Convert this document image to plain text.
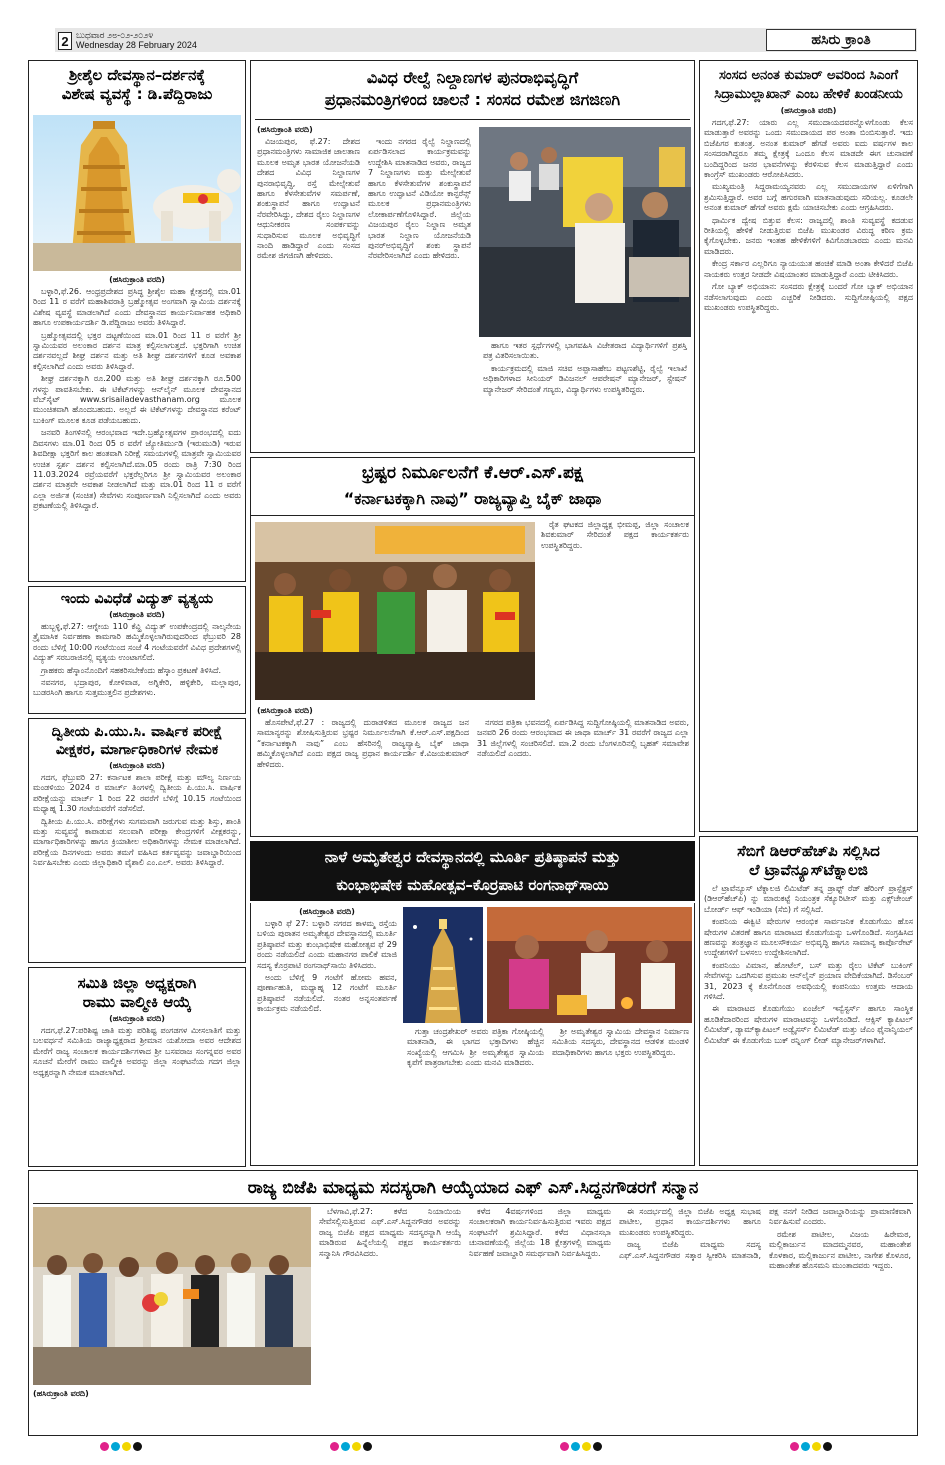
2 ಬುಧವಾರ ೨೮-೦೨-೨೦೨೪
Wednesday 28 February 2024	ಹಸಿರು ಕ್ರಾಂತಿ
ಶ್ರೀಶೈಲ ದೇವಸ್ಥಾನ–ದರ್ಶನಕ್ಕೆ
ವಿಶೇಷ ವ್ಯವಸ್ಥೆ : ಡಿ.ಪೆದ್ದಿರಾಜು
(ಹಸಿರುಕ್ರಾಂತಿ ವರದಿ)

ಬಳ್ಳಾರಿ,ಫೆ.26. ಆಂಧ್ರಪ್ರದೇಶದ ಪ್ರಸಿದ್ಧ ಶ್ರೀಶೈಲ ಮಹಾ ಕ್ಷೇತ್ರದಲ್ಲಿ ಮಾ.01 ರಿಂದ 11 ರ ವರೆಗೆ ಮಹಾಶಿವರಾತ್ರಿ ಬ್ರಹ್ಮೋತ್ಸವ ಅಂಗವಾಗಿ ಸ್ವಾಮಿಯ ದರ್ಶನಕ್ಕೆ ವಿಶೇಷ ವ್ಯವಸ್ಥೆ ಮಾಡಲಾಗಿದೆ ಎಂದು ದೇವಸ್ಥಾನದ ಕಾರ್ಯನಿರ್ವಾಹಕ ಅಧಿಕಾರಿ ಹಾಗೂ ಉಪಕಾರ್ಯದರ್ಶಿ ಡಿ.ಪೆದ್ದಿರಾಜು ಅವರು ತಿಳಿಸಿದ್ದಾರೆ.

ಬ್ರಹ್ಮೋತ್ಸವದಲ್ಲಿ ಭಕ್ತರ ದಟ್ಟಣೆಯಿಂದ ಮಾ.01 ರಿಂದ 11 ರ ವರೆಗೆ ಶ್ರೀ ಸ್ವಾಮಿಯವರ ಅಲಂಕಾರ ದರ್ಶನ ಮಾತ್ರ ಕಲ್ಪಿಸಲಾಗುತ್ತದೆ. ಭಕ್ತರಿಗಾಗಿ ಉಚಿತ ದರ್ಶನವಲ್ಲದೆ ಶೀಘ್ರ ದರ್ಶನ ಮತ್ತು ಅತಿ ಶೀಘ್ರ ದರ್ಶನಗಳಿಗೆ ಕೂಡ ಅವಕಾಶ ಕಲ್ಪಿಸಲಾಗಿದೆ ಎಂದು ಅವರು ತಿಳಿಸಿದ್ದಾರೆ.

ಶೀಘ್ರ ದರ್ಶನಕ್ಕಾಗಿ ರೂ.200 ಮತ್ತು ಅತಿ ಶೀಘ್ರ ದರ್ಶನಕ್ಕಾಗಿ ರೂ.500 ಗಳನ್ನು ಪಾವತಿಸಬೇಕು. ಈ ಟಿಕೆಟ್‌ಗಳನ್ನು ಆನ್‌ಲೈನ್ ಮೂಲಕ ದೇವಸ್ಥಾನದ ವೆಬ್‌ಸೈಟ್ www.srisailadevasthanam.org ಮೂಲಕ ಮುಂಚಿತವಾಗಿ ಹೊಂದಬಹುದು. ಅಲ್ಲದೆ ಈ ಟಿಕೆಟ್‌ಗಳನ್ನು ದೇವಸ್ಥಾನದ ಕರೆಂಟ್ ಬುಕಿಂಗ್ ಮೂಲಕ ಕೂಡ ಪಡೆಯಬಹುದು.

ಜನವರಿ ತಿಂಗಳಿನಲ್ಲಿ ಆರಂಭವಾದ ಇದೇ.ಬ್ರಹ್ಮೋತ್ಸವಗಳ ಪ್ರಾರಂಭದಲ್ಲಿ ಐದು ದಿವಸಗಳು ಮಾ.01 ರಿಂದ 05 ರ ವರೆಗೆ ಜ್ಯೋತಿರ್ಮುಡಿ (ಇರುಮುಡಿ) ಇರುವ ಶಿವದೀಕ್ಷಾ ಭಕ್ತರಿಗೆ ಕಾಲ ಹಂತವಾಗಿ ನಿರೀಕ್ಷೆ ಸಮಯಗಳಲ್ಲಿ ಮಾತ್ರವೇ ಸ್ವಾಮಿಯವರ ಉಚಿತ ಸ್ಪರ್ಶ ದರ್ಶನ ಕಲ್ಪಿಸಲಾಗಿದೆ.ಮಾ.05 ರಂದು ರಾತ್ರಿ 7:30 ರಿಂದ 11.03.2024 ರವ್ರೆಯವರೆಗೆ ಭಕ್ತರೆಲ್ಲರಿಗೂ ಶ್ರೀ ಸ್ವಾಮಿಯವರ ಅಲಂಕಾರ ದರ್ಶನ ಮಾತ್ರವೇ ಅವಕಾಶ ನೀಡಲಾಗಿದೆ ಮತ್ತು ಮಾ.01 ರಿಂದ 11 ರ ವರೆಗೆ ಎಲ್ಲಾ ಅರ್ಜಿತ (ಸಂಚಿತ) ಸೇವೆಗಳು ಸಂಪೂರ್ಣವಾಗಿ ನಿಲ್ಲಿಸಲಾಗಿದೆ ಎಂದು ಅವರು ಪ್ರಕಟಣೆಯಲ್ಲಿ ತಿಳಿಸಿದ್ದಾರೆ.

ಇಂದು ವಿವಿಧೆಡೆ ವಿದ್ಯುತ್ ವ್ಯತ್ಯಯ
(ಹಸಿರುಕ್ರಾಂತಿ ವರದಿ)

ಹುಬ್ಬಳ್ಳಿ,ಫೆ.27: ಆಗ್ನೇಯ 110 ಕೆವ್ಹಿ ವಿದ್ಯುತ್ ಉಪಕೇಂದ್ರದಲ್ಲಿ ನಾಲ್ಕನೇಯ ತ್ರೈಮಾಸಿಕ ನಿರ್ವಹಣಾ ಕಾಮಗಾರಿ ಹಮ್ಮಿಕೊಳ್ಳಲಾಗಿರುವುದರಿಂದ ಫೆಬ್ರುವರಿ 28 ರಂದು ಬೆಳಿಗ್ಗೆ 10:00 ಗಂಟೆಯಿಂದ ಸಂಜೆ 4 ಗಂಟೆಯವರೆಗೆ ವಿವಿಧ ಪ್ರದೇಶಗಳಲ್ಲಿ ವಿದ್ಯುತ್ ಸರಬರಾಜಿನಲ್ಲಿ ವ್ಯತ್ಯಯ ಉಂಟಾಗಲಿದೆ.

ಗ್ರಾಹಕರು ಹೆಸ್ಕಾಂನೊಂದಿಗೆ ಸಹಕರಿಸಬೇಕೆಂದು ಹೆಸ್ಕಾಂ ಪ್ರಕಟಣೆ ತಿಳಿಸಿದೆ.

ನವನಗರ, ಭದ್ರಾಪುರ, ಕೋಳಿವಾಡ, ಅಗ್ನಿಕೇರಿ, ಹಳ್ಳಿಕೇರಿ, ಮಲ್ಲಾಪುರ, ಬುಡರಸಿಂಗಿ ಹಾಗೂ ಸುತ್ತಮುತ್ತಲಿನ ಪ್ರದೇಶಗಳು.

ದ್ವಿತೀಯ ಪಿ.ಯು.ಸಿ. ವಾರ್ಷಿಕ ಪರೀಕ್ಷೆ
ವೀಕ್ಷಕರ, ಮಾರ್ಗಾಧಿಕಾರಿಗಳ ನೇಮಕ
(ಹಸಿರುಕ್ರಾಂತಿ ವರದಿ)

ಗದಗ, ಫೆಬ್ರುವರಿ 27: ಕರ್ನಾಟಕ ಶಾಲಾ ಪರೀಕ್ಷೆ ಮತ್ತು ಮೌಲ್ಯ ನಿರ್ಣಯ ಮಂಡಳಿಯು 2024 ರ ಮಾರ್ಚ್ ತಿಂಗಳಲ್ಲಿ ದ್ವಿತೀಯ ಪಿ.ಯು.ಸಿ. ವಾರ್ಷಿಕ ಪರೀಕ್ಷೆಯನ್ನು ಮಾರ್ಚ್ 1 ರಿಂದ 22 ರವರೆಗೆ ಬೆಳಿಗ್ಗೆ 10.15 ಗಂಟೆಯಿಂದ ಮಧ್ಯಾಹ್ನ 1.30 ಗಂಟೆಯವರೆಗೆ ನಡೆಸಲಿದೆ.

ದ್ವಿತೀಯ ಪಿ.ಯು.ಸಿ. ಪರೀಕ್ಷೆಗಳು ಸುಗಮವಾಗಿ ಜರುಗುವ ಮತ್ತು ಶಿಸ್ತು, ಶಾಂತಿ ಮತ್ತು ಸುವ್ಯವಸ್ಥೆ ಕಾಪಾಡುವ ಸಲುವಾಗಿ ಪರೀಕ್ಷಾ ಕೇಂದ್ರಗಳಿಗೆ ವೀಕ್ಷಕರನ್ನು, ಮಾರ್ಗಾಧಿಕಾರಿಗಳನ್ನು ಹಾಗೂ ಕ್ರಿಯಾಶೀಲ ಅಧಿಕಾರಿಗಳನ್ನು ನೇಮಕ ಮಾಡಲಾಗಿದೆ. ಪರೀಕ್ಷೆಯ ದಿನಗಳಂದು ಅವರು ತಮಗೆ ವಹಿಸಿದ ಕರ್ತವ್ಯವನ್ನು ಜವಾಬ್ದಾರಿಯಿಂದ ನಿರ್ವಹಿಸಬೇಕು ಎಂದು ಜಿಲ್ಲಾಧಿಕಾರಿ ವೈಶಾಲಿ ಎಂ.ಎಲ್. ಅವರು ತಿಳಿಸಿದ್ದಾರೆ.

ಸಮಿತಿ ಜಿಲ್ಲಾ ಅಧ್ಯಕ್ಷರಾಗಿ
ರಾಮು ವಾಲ್ಮೀಕಿ ಆಯ್ಕೆ
(ಹಸಿರುಕ್ರಾಂತಿ ವರದಿ)

ಗದಗ,ಫೆ.27:ಪರಿಶಿಷ್ಟ ಜಾತಿ ಮತ್ತು ಪರಿಶಿಷ್ಟ ಪಂಗಡಗಳ ಮೀಸಲಾತಿಗೆ ಮತ್ತು ಬಲವರ್ಧನೆ ಸಮಿತಿಯ ರಾಜ್ಯಾಧ್ಯಕ್ಷರಾದ ಶ್ರೀಮಾನ ಯಶೋದಾ ಅವರ ಆದೇಶದ ಮೇರೆಗೆ ರಾಜ್ಯ ಸಂಚಾಲಕ ಕಾರ್ಯದರ್ಶಿಗಳಾದ ಶ್ರೀ ಬಸವರಾಜ ಸಂಗನ್ನವರ ಅವರ ಸೂಚನೆ ಮೇರೆಗೆ ರಾಮು ವಾಲ್ಮೀಕಿ ಅವರನ್ನು ಜಿಲ್ಲಾ ಸಂಘಟನೆಯ ಗದಗ ಜಿಲ್ಲಾ ಅಧ್ಯಕ್ಷರನ್ನಾಗಿ ನೇಮಕ ಮಾಡಲಾಗಿದೆ.

ವಿವಿಧ ರೇಲ್ವೆ ನಿಲ್ದಾಣಗಳ ಪುನರಾಭಿವೃದ್ಧಿಗೆ
ಪ್ರಧಾನಮಂತ್ರಿಗಳಿಂದ ಚಾಲನೆ : ಸಂಸದ ರಮೇಶ ಜಿಗಜಿಣಗಿ
(ಹಸಿರುಕ್ರಾಂತಿ ವರದಿ)

ವಿಜಯಪುರ, ಫೆ.27: ದೇಶದ ಪ್ರಧಾನಮಂತ್ರಿಗಳು ಸಾಮಾಜಿಕ ಜಾಲತಾಣ ಮೂಲಕ ಅಮೃತ ಭಾರತ ಯೋಜನೆಯಡಿ ದೇಶದ ವಿವಿಧ ನಿಲ್ದಾಣಗಳ ಪುನರಾಭಿವೃದ್ಧಿ, ರಸ್ತೆ ಮೇಲ್ಸೇತುವೆ ಹಾಗೂ ಕೆಳಸೇತುವೆಗಳ ಸಮರ್ಪಣೆ, ಶಂಕುಸ್ಥಾಪನೆ ಹಾಗೂ ಉದ್ಘಾಟನೆ ನೆರವೇರಿಸಿದ್ದು, ದೇಶದ ರೈಲು ನಿಲ್ದಾಣಗಳ ಆಧುನೀಕರಣ ಸಂಪರ್ಕವನ್ನು ಸುಧಾರಿಸುವ ಮೂಲಕ ಅಭಿವೃದ್ಧಿಗೆ ನಾಂದಿ ಹಾಡಿದ್ದಾರೆ ಎಂದು ಸಂಸದ ರಮೇಶ ಜಿಗಜಿಣಗಿ ಹೇಳಿದರು.

ಇಂದು ನಗರದ ರೈಲ್ವೆ ನಿಲ್ದಾಣದಲ್ಲಿ ಏರ್ಪಡಿಸಲಾದ ಕಾರ್ಯಕ್ರಮವನ್ನು ಉದ್ದೇಶಿಸಿ ಮಾತನಾಡಿದ ಅವರು, ರಾಜ್ಯದ 7 ನಿಲ್ದಾಣಗಳು ಮತ್ತು ಮೇಲ್ಸೇತುವೆ ಹಾಗೂ ಕೆಳಸೇತುವೆಗಳ ಶಂಕುಸ್ಥಾಪನೆ ಹಾಗೂ ಉದ್ಘಾಟನೆ ವಿಡಿಯೋ ಕಾನ್ಫರೆನ್ಸ್ ಮೂಲಕ ಪ್ರಧಾನಮಂತ್ರಿಗಳು ಲೋಕಾರ್ಪಣೆಗೊಳಿಸಿದ್ದಾರೆ. ಜಿಲ್ಲೆಯ ವಿಜಯಪುರ ರೈಲು ನಿಲ್ದಾಣ ಅಮೃತ ಭಾರತ ನಿಲ್ದಾಣ ಯೋಜನೆಯಡಿ ಪುನರ್‌ಅಭಿವೃದ್ಧಿಗೆ ಶಂಕು ಸ್ಥಾಪನೆ ನೆರವೇರಿಸಲಾಗಿದೆ ಎಂದು ಹೇಳಿದರು.

ಹಾಗೂ ಇತರ ಸ್ಪರ್ಧೆಗಳಲ್ಲಿ ಭಾಗವಹಿಸಿ ವಿಜೇತರಾದ ವಿದ್ಯಾರ್ಥಿಗಳಿಗೆ ಪ್ರಶಸ್ತಿ ಪತ್ರ ವಿತರಿಸಲಾಯಿತು.

ಕಾರ್ಯಕ್ರಮದಲ್ಲಿ ಮಾಜಿ ಸಚಿವ ಅಪ್ಪಾಸಾಹೇಬ ಪಟ್ಟಣಶೆಟ್ಟಿ, ರೈಲ್ವೆ ಇಲಾಖೆ ಅಧಿಕಾರಿಗಳಾದ ಸೀನಿಯರ್ ಡಿವಿಜನಲ್ ಆಪರೇಷನ್ ಮ್ಯಾನೇಜರ್, ಸ್ಟೇಷನ್ ಮ್ಯಾನೇಜರ್ ಸೇರಿದಂತೆ ಗಣ್ಯರು, ವಿದ್ಯಾರ್ಥಿಗಳು ಉಪಸ್ಥಿತರಿದ್ದರು.

ಸಂಸದ ಅನಂತ ಕುಮಾರ್ ಅವರಿಂದ ಸಿಎಂಗೆ ಸಿದ್ರಾಮುಲ್ಲಾಖಾನ್ ಎಂಬ ಹೇಳಿಕೆ ಖಂಡನೀಯ
(ಹಸಿರುಕ್ರಾಂತಿ ವರದಿ)

ಗದಗ,ಫೆ.27: ಯಾರು ಎಲ್ಲ ಸಮುದಾಯದವರನ್ನೊಳಗೊಂಡು ಕೆಲಸ ಮಾಡುತ್ತಾರೆ ಅವರನ್ನು ಒಂದು ಸಮುದಾಯದ ಪರ ಅಂತಾ ಬಿಂಬಿಸುತ್ತಾರೆ. ಇದು ಬಿಜೆಪಿಗರ ಕುತಂತ್ರ. ಅನಂತ ಕುಮಾರ್ ಹೆಗಡೆ ಅವರು ಐದು ವರ್ಷಗಳ ಕಾಲ ಸಂಸದರಾಗಿದ್ದರೂ ತಮ್ಮ ಕ್ಷೇತ್ರಕ್ಕೆ ಒಂದೂ ಕೆಲಸ ಮಾಡದೇ ಈಗ ಚುನಾವಣೆ ಬಂದಿದ್ದರಿಂದ ಜನರ ಭಾವನೆಗಳನ್ನು ಕೆರಳಿಸುವ ಕೆಲಸ ಮಾಡುತ್ತಿದ್ದಾರೆ ಎಂದು ಕಾಂಗ್ರೆಸ್ ಮುಖಂಡರು ಆರೋಪಿಸಿದರು.

ಮುಖ್ಯಮಂತ್ರಿ ಸಿದ್ದರಾಮಯ್ಯನವರು ಎಲ್ಲ ಸಮುದಾಯಗಳ ಏಳಿಗೆಗಾಗಿ ಶ್ರಮಿಸುತ್ತಿದ್ದಾರೆ. ಅವರ ಬಗ್ಗೆ ಹಗುರವಾಗಿ ಮಾತನಾಡುವುದು ಸರಿಯಲ್ಲ. ಕೂಡಲೇ ಅನಂತ ಕುಮಾರ್ ಹೆಗಡೆ ಅವರು ಕ್ಷಮೆ ಯಾಚಿಸಬೇಕು ಎಂದು ಆಗ್ರಹಿಸಿದರು.

ಧಾರ್ಮಿಕ ದ್ವೇಷ ಬಿತ್ತುವ ಕೆಲಸ: ರಾಜ್ಯದಲ್ಲಿ ಶಾಂತಿ ಸುವ್ಯವಸ್ಥೆ ಕದಡುವ ರೀತಿಯಲ್ಲಿ ಹೇಳಿಕೆ ನೀಡುತ್ತಿರುವ ಬಿಜೆಪಿ ಮುಖಂಡರ ವಿರುದ್ಧ ಕಠಿಣ ಕ್ರಮ ಕೈಗೊಳ್ಳಬೇಕು. ಜನರು ಇಂತಹ ಹೇಳಿಕೆಗಳಿಗೆ ಕಿವಿಗೊಡಬಾರದು ಎಂದು ಮನವಿ ಮಾಡಿದರು.

ಕೇಂದ್ರ ಸರ್ಕಾರ ಎಲ್ಲರಿಗೂ ನ್ಯಾಯಯುತ ಹಂಚಿಕೆ ಮಾಡಿ ಅಂತಾ ಕೇಳಿದರೆ ಬಿಜೆಪಿ ನಾಯಕರು ಉತ್ತರ ನೀಡದೇ ವಿಷಯಾಂತರ ಮಾಡುತ್ತಿದ್ದಾರೆ ಎಂದು ಟೀಕಿಸಿದರು.

ಗೋ ಬ್ಯಾಕ್ ಅಭಿಯಾನ: ಸಂಸದರು ಕ್ಷೇತ್ರಕ್ಕೆ ಬಂದರೆ ಗೋ ಬ್ಯಾಕ್ ಅಭಿಯಾನ ನಡೆಸಲಾಗುವುದು ಎಂದು ಎಚ್ಚರಿಕೆ ನೀಡಿದರು. ಸುದ್ದಿಗೋಷ್ಠಿಯಲ್ಲಿ ಪಕ್ಷದ ಮುಖಂಡರು ಉಪಸ್ಥಿತರಿದ್ದರು.

ಭ್ರಷ್ಟರ ನಿರ್ಮೂಲನೆಗೆ ಕೆ.ಆರ್.ಎಸ್.ಪಕ್ಷ
“ಕರ್ನಾಟಕಕ್ಕಾಗಿ ನಾವು” ರಾಜ್ಯವ್ಯಾಪ್ತಿ ಬೈಕ್ ಜಾಥಾ

ರೈತ ಘಟಕದ ಜಿಲ್ಲಾಧ್ಯಕ್ಷ ಭೀಮಪ್ಪ, ಜಿಲ್ಲಾ ಸಂಚಾಲಕ ಶಿವಕುಮಾರ್ ಸೇರಿದಂತೆ ಪಕ್ಷದ ಕಾರ್ಯಕರ್ತರು ಉಪಸ್ಥಿತರಿದ್ದರು.

(ಹಸಿರುಕ್ರಾಂತಿ ವರದಿ)

ಹೊಸಪೇಟೆ,ಫೆ.27 : ರಾಜ್ಯದಲ್ಲಿ ದುರಾಡಳಿತದ ಮೂಲಕ ರಾಜ್ಯದ ಜನ ಸಾಮಾನ್ಯರನ್ನು ಶೋಷಿಸುತ್ತಿರುವ ಭ್ರಷ್ಟರ ನಿರ್ಮೂಲನೆಗಾಗಿ ಕೆ.ಆರ್.ಎಸ್.ಪಕ್ಷದಿಂದ “ಕರ್ನಾಟಕಕ್ಕಾಗಿ ನಾವು” ಎಂಬ ಹೆಸರಿನಲ್ಲಿ ರಾಜ್ಯವ್ಯಾಪ್ತಿ ಬೈಕ್ ಜಾಥಾ ಹಮ್ಮಿಕೊಳ್ಳಲಾಗಿದೆ ಎಂದು ಪಕ್ಷದ ರಾಜ್ಯ ಪ್ರಧಾನ ಕಾರ್ಯದರ್ಶಿ ಕೆ.ವಿಜಯಕುಮಾರ್ ಹೇಳಿದರು.

ನಗರದ ಪತ್ರಿಕಾ ಭವನದಲ್ಲಿ ಏರ್ಪಡಿಸಿದ್ದ ಸುದ್ದಿಗೋಷ್ಠಿಯಲ್ಲಿ ಮಾತನಾಡಿದ ಅವರು, ಜನವರಿ 26 ರಂದು ಆರಂಭವಾದ ಈ ಜಾಥಾ ಮಾರ್ಚ್ 31 ರವರೆಗೆ ರಾಜ್ಯದ ಎಲ್ಲಾ 31 ಜಿಲ್ಲೆಗಳಲ್ಲಿ ಸಂಚರಿಸಲಿದೆ. ಮಾ.2 ರಂದು ಬೆಂಗಳೂರಿನಲ್ಲಿ ಬೃಹತ್ ಸಮಾವೇಶ ನಡೆಯಲಿದೆ ಎಂದರು.

ನಾಳೆ ಅಮೃತೇಶ್ವರ ದೇವಸ್ಥಾನದಲ್ಲಿ ಮೂರ್ತಿ ಪ್ರತಿಷ್ಠಾಪನೆ ಮತ್ತು
ಕುಂಭಾಭಿಷೇಕ ಮಹೋತ್ಸವ–ಕೊರ್ರಪಾಟಿ ರಂಗನಾಥ್‌ಸಾಯಿ
(ಹಸಿರುಕ್ರಾಂತಿ ವರದಿ)

ಬಳ್ಳಾರಿ ಫೆ 27: ಬಳ್ಳಾರಿ ನಗರದ ಕಾಳಮ್ಮ ರಸ್ತೆಯ ಬಳಿಯ ಪುರಾತನ ಅಮೃತೇಶ್ವರ ದೇವಸ್ಥಾನದಲ್ಲಿ ಮೂರ್ತಿ ಪ್ರತಿಷ್ಠಾಪನೆ ಮತ್ತು ಕುಂಭಾಭಿಷೇಕ ಮಹೋತ್ಸವ ಫೆ 29 ರಂದು ನಡೆಯಲಿದೆ ಎಂದು ಮಹಾನಗರ ಪಾಲಿಕೆ ಮಾಜಿ ಸದಸ್ಯ ಕೊರ್ರಪಾಟಿ ರಂಗನಾಥ್‌ಸಾಯಿ ತಿಳಿಸಿದರು.

ಅಂದು ಬೆಳಿಗ್ಗೆ 9 ಗಂಟೆಗೆ ಹೋಮ ಹವನ, ಪೂರ್ಣಾಹುತಿ, ಮಧ್ಯಾಹ್ನ 12 ಗಂಟೆಗೆ ಮೂರ್ತಿ ಪ್ರತಿಷ್ಠಾಪನೆ ನಡೆಯಲಿದೆ. ನಂತರ ಅನ್ನಸಂತರ್ಪಣೆ ಕಾರ್ಯಕ್ರಮ ನಡೆಯಲಿದೆ.

ಗುತ್ತಾ ಚಂದ್ರಶೇಖರ್ ಅವರು ಪತ್ರಿಕಾ ಗೋಷ್ಠಿಯಲ್ಲಿ ಮಾತನಾಡಿ, ಈ ಭಾಗದ ಭಕ್ತಾದಿಗಳು ಹೆಚ್ಚಿನ ಸಂಖ್ಯೆಯಲ್ಲಿ ಆಗಮಿಸಿ ಶ್ರೀ ಅಮೃತೇಶ್ವರ ಸ್ವಾಮಿಯ ಕೃಪೆಗೆ ಪಾತ್ರರಾಗಬೇಕು ಎಂದು ಮನವಿ ಮಾಡಿದರು.

ಶ್ರೀ ಅಮೃತೇಶ್ವರ ಸ್ವಾಮಿಯ ದೇವಸ್ಥಾನ ನಿರ್ಮಾಣ ಸಮಿತಿಯ ಸದಸ್ಯರು, ದೇವಸ್ಥಾನದ ಆಡಳಿತ ಮಂಡಳಿ ಪದಾಧಿಕಾರಿಗಳು ಹಾಗೂ ಭಕ್ತರು ಉಪಸ್ಥಿತರಿದ್ದರು.

ಸೆಬಿಗೆ ಡಿಆರ್‌ಹೆಚ್‌ಪಿ ಸಲ್ಲಿಸಿದ
ಲೆ ಟ್ರಾವೆನ್ಯೂಸ್‌ಟೆಕ್ನಾಲಜಿ

ಲೆ ಟ್ರಾವೆನ್ಯೂಸ್ ಟೆಕ್ನಾಲಜಿ ಲಿಮಿಟೆಡ್ ತನ್ನ ಡ್ರಾಫ್ಟ್ ರೆಡ್ ಹೆರಿಂಗ್ ಪ್ರಾಸ್ಪೆಕ್ಟಸ್ (ಡಿಆರ್‌ಹೆಚ್‌ಪಿ) ನ್ನು ಮಾರುಕಟ್ಟೆ ನಿಯಂತ್ರಕ ಸೆಕ್ಯೂರಿಟೀಸ್ ಮತ್ತು ಎಕ್ಸ್‌ಚೇಂಜ್ ಬೋರ್ಡ್ ಆಫ್ ಇಂಡಿಯಾ (ಸೆಬಿ) ಗೆ ಸಲ್ಲಿಸಿದೆ.

ಕಂಪನಿಯ ಈಕ್ವಿಟಿ ಷೇರುಗಳ ಆರಂಭಿಕ ಸಾರ್ವಜನಿಕ ಕೊಡುಗೆಯು ಹೊಸ ಷೇರುಗಳ ವಿತರಣೆ ಹಾಗೂ ಮಾರಾಟದ ಕೊಡುಗೆಯನ್ನು ಒಳಗೊಂಡಿದೆ. ಸಂಗ್ರಹಿಸಿದ ಹಣವನ್ನು ತಂತ್ರಜ್ಞಾನ ಮೂಲಸೌಕರ್ಯ ಅಭಿವೃದ್ಧಿ ಹಾಗೂ ಸಾಮಾನ್ಯ ಕಾರ್ಪೊರೇಟ್ ಉದ್ದೇಶಗಳಿಗೆ ಬಳಸಲು ಉದ್ದೇಶಿಸಲಾಗಿದೆ.

ಕಂಪನಿಯು ವಿಮಾನ, ಹೋಟೆಲ್, ಬಸ್ ಮತ್ತು ರೈಲು ಟಿಕೆಟ್ ಬುಕಿಂಗ್ ಸೇವೆಗಳನ್ನು ಒದಗಿಸುವ ಪ್ರಮುಖ ಆನ್‌ಲೈನ್ ಪ್ರಯಾಣ ವೇದಿಕೆಯಾಗಿದೆ. ಡಿಸೆಂಬರ್ 31, 2023 ಕ್ಕೆ ಕೊನೆಗೊಂಡ ಅವಧಿಯಲ್ಲಿ ಕಂಪನಿಯು ಉತ್ತಮ ಆದಾಯ ಗಳಿಸಿದೆ.

ಈ ಮಾರಾಟದ ಕೊಡುಗೆಯು ಏಂಜೆಲ್ ಇನ್ವೆಸ್ಟರ್ಸ್ ಹಾಗೂ ಸಾಂಸ್ಥಿಕ ಹೂಡಿಕೆದಾರರಿಂದ ಷೇರುಗಳ ಮಾರಾಟವನ್ನು ಒಳಗೊಂಡಿದೆ. ಆಕ್ಸಿಸ್ ಕ್ಯಾಪಿಟಲ್ ಲಿಮಿಟೆಡ್, ಡ್ಯಾಮ್‌ಕ್ಯಾಪಿಟಲ್ ಅಡ್ವೈಸರ್ಸ್ ಲಿಮಿಟೆಡ್ ಮತ್ತು ಜೆಎಂ ಫೈನಾನ್ಶಿಯಲ್ ಲಿಮಿಟೆಡ್ ಈ ಕೊಡುಗೆಯ ಬುಕ್ ರನ್ನಿಂಗ್ ಲೀಡ್ ಮ್ಯಾನೇಜರ್‌ಗಳಾಗಿವೆ.

ರಾಜ್ಯ ಬಿಜೆಪಿ ಮಾಧ್ಯಮ ಸದಸ್ಯರಾಗಿ ಆಯ್ಕೆಯಾದ ಎಫ್ ಎಸ್.ಸಿದ್ದನಗೌಡರಗೆ ಸನ್ಮಾನ
(ಹಸಿರುಕ್ರಾಂತಿ ವರದಿ)

ಬೆಳಗಾವಿ,ಫೆ.27: ಕಳೆದ ನಿಯಾಯಿಯ ಸೇವೆಸಲ್ಲಿಸುತ್ತಿರುವ ಎಫ್.ಎಸ್.ಸಿದ್ದನಗೌಡರ ಅವರನ್ನು ರಾಜ್ಯ ಬಿಜೆಪಿ ಪಕ್ಷದ ಮಾಧ್ಯಮ ಸದಸ್ಯರನ್ನಾಗಿ ಆಯ್ಕೆ ಮಾಡಿರುವ ಹಿನ್ನೆಲೆಯಲ್ಲಿ ಪಕ್ಷದ ಕಾರ್ಯಕರ್ತರು ಸನ್ಮಾನಿಸಿ ಗೌರವಿಸಿದರು.

ಕಳೆದ 4ವರ್ಷಗಳಿಂದ ಜಿಲ್ಲಾ ಮಾಧ್ಯಮ ಸಂಚಾಲಕರಾಗಿ ಕಾರ್ಯನಿರ್ವಹಿಸುತ್ತಿರುವ ಇವರು ಪಕ್ಷದ ಸಂಘಟನೆಗೆ ಶ್ರಮಿಸಿದ್ದಾರೆ. ಕಳೆದ ವಿಧಾನಸಭಾ ಚುನಾವಣೆಯಲ್ಲಿ ಜಿಲ್ಲೆಯ 18 ಕ್ಷೇತ್ರಗಳಲ್ಲಿ ಮಾಧ್ಯಮ ನಿರ್ವಹಣೆ ಜವಾಬ್ದಾರಿ ಸಮರ್ಥವಾಗಿ ನಿರ್ವಹಿಸಿದ್ದರು.

ಈ ಸಂದರ್ಭದಲ್ಲಿ ಜಿಲ್ಲಾ ಬಿಜೆಪಿ ಅಧ್ಯಕ್ಷ ಸುಭಾಷ ಪಾಟೀಲ, ಪ್ರಧಾನ ಕಾರ್ಯದರ್ಶಿಗಳು ಹಾಗೂ ಮುಖಂಡರು ಉಪಸ್ಥಿತರಿದ್ದರು.

ರಾಜ್ಯ ಬಿಜೆಪಿ ಮಾಧ್ಯಮ ಸದಸ್ಯ ಎಫ್.ಎಸ್.ಸಿದ್ದನಗೌಡರ ಸತ್ಕಾರ ಸ್ವೀಕರಿಸಿ ಮಾತನಾಡಿ, ಪಕ್ಷ ನನಗೆ ನೀಡಿದ ಜವಾಬ್ದಾರಿಯನ್ನು ಪ್ರಾಮಾಣಿಕವಾಗಿ ನಿರ್ವಹಿಸುವೆ ಎಂದರು.

ರಮೇಶ ಪಾಟೀಲ, ವಿಜಯ ಹಿರೇಮಠ, ಮಲ್ಲಿಕಾರ್ಜುನ ಮಾದಮ್ಮನವರ, ಮಹಾಂತೇಶ ಕೊಳಕಾರ, ಮಲ್ಲಿಕಾರ್ಜುನ ಪಾಟೀಲ, ನಾಗೇಶ ಕೊಳೂರ, ಮಹಾಂತೇಶ ಹೊಸಮನಿ ಮುಂತಾದವರು ಇದ್ದರು.
